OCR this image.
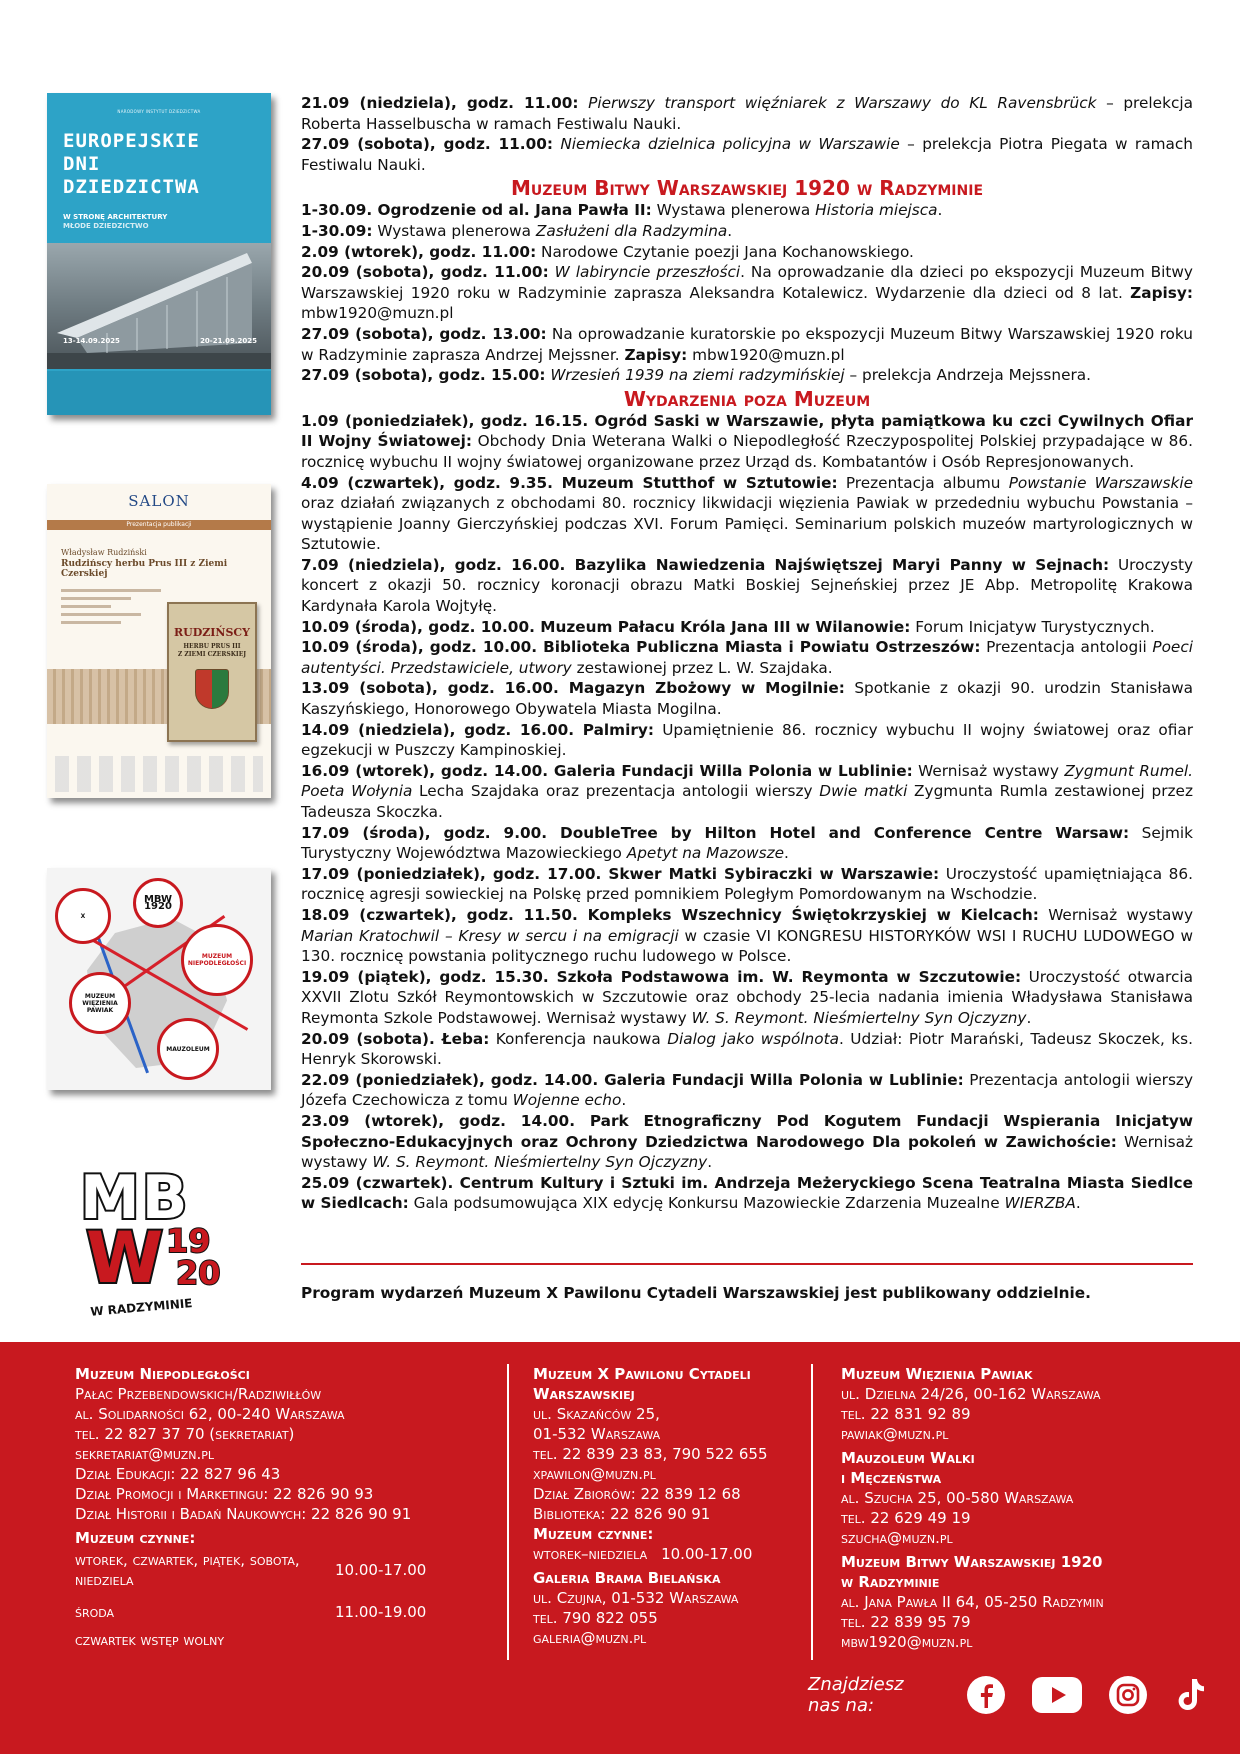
NARODOWY INSTYTUT DZIEDZICTWA
EUROPEJSKIE
DNI
DZIEDZICTWA
W STRONĘ ARCHITEKTURY
MŁODE DZIEDZICTWO
13-14.09.2025	20-21.09.2025
SALON
Prezentacja publikacji
Władysław Rudziński
Rudzińscy herbu Prus III z Ziemi Czerskiej
RUDZIŃSCY
HERBU PRUS III
Z ZIEMI CZERSKIEJ
X
MBW 1920
MUZEUM NIEPODLEGŁOŚCI
MUZEUM WIĘZIENIA PAWIAK
MAUZOLEUM
MB
W 19
20
W RADZYMINIE

21.09 (niedziela), godz. 11.00: Pierwszy transport więźniarek z Warszawy do KL Ravensbrück – prelekcja Roberta Hasselbuscha w ramach Festiwalu Nauki.

27.09 (sobota), godz. 11.00: Niemiecka dzielnica policyjna w Warszawie – prelekcja Piotra Piegata w ramach Festiwalu Nauki.

Muzeum Bitwy Warszawskiej 1920 w Radzyminie

1-30.09. Ogrodzenie od al. Jana Pawła II: Wystawa plenerowa Historia miejsca.

1-30.09: Wystawa plenerowa Zasłużeni dla Radzymina.

2.09 (wtorek), godz. 11.00: Narodowe Czytanie poezji Jana Kochanowskiego.

20.09 (sobota), godz. 11.00: W labiryncie przeszłości. Na oprowadzanie dla dzieci po ekspozycji Muzeum Bitwy Warszawskiej 1920 roku w Radzyminie zaprasza Aleksandra Kotalewicz. Wydarzenie dla dzieci od 8 lat. Zapisy: mbw1920@muzn.pl

27.09 (sobota), godz. 13.00: Na oprowadzanie kuratorskie po ekspozycji Muzeum Bitwy Warszawskiej 1920 roku w Radzyminie zaprasza Andrzej Mejssner. Zapisy: mbw1920@muzn.pl

27.09 (sobota), godz. 15.00: Wrzesień 1939 na ziemi radzymińskiej – prelekcja Andrzeja Mejssnera.

Wydarzenia poza Muzeum

1.09 (poniedziałek), godz. 16.15. Ogród Saski w Warszawie, płyta pamiątkowa ku czci Cywilnych Ofiar II Wojny Światowej: Obchody Dnia Weterana Walki o Niepodległość Rzeczypospolitej Polskiej przypadające w 86. rocznicę wybuchu II wojny światowej organizowane przez Urząd ds. Kombatantów i Osób Represjonowanych.

4.09 (czwartek), godz. 9.35. Muzeum Stutthof w Sztutowie: Prezentacja albumu Powstanie Warszawskie oraz działań związanych z obchodami 80. rocznicy likwidacji więzienia Pawiak w przededniu wybuchu Powstania – wystąpienie Joanny Gierczyńskiej podczas XVI. Forum Pamięci. Seminarium polskich muzeów martyrologicznych w Sztutowie.

7.09 (niedziela), godz. 16.00. Bazylika Nawiedzenia Najświętszej Maryi Panny w Sejnach: Uroczysty koncert z okazji 50. rocznicy koronacji obrazu Matki Boskiej Sejneńskiej przez JE Abp. Metropolitę Krakowa Kardynała Karola Wojtyłę.

10.09 (środa), godz. 10.00. Muzeum Pałacu Króla Jana III w Wilanowie: Forum Inicjatyw Turystycznych.

10.09 (środa), godz. 10.00. Biblioteka Publiczna Miasta i Powiatu Ostrzeszów: Prezentacja antologii Poeci autentyści. Przedstawiciele, utwory zestawionej przez L. W. Szajdaka.

13.09 (sobota), godz. 16.00. Magazyn Zbożowy w Mogilnie: Spotkanie z okazji 90. urodzin Stanisława Kaszyńskiego, Honorowego Obywatela Miasta Mogilna.

14.09 (niedziela), godz. 16.00. Palmiry: Upamiętnienie 86. rocznicy wybuchu II wojny światowej oraz ofiar egzekucji w Puszczy Kampinoskiej.

16.09 (wtorek), godz. 14.00. Galeria Fundacji Willa Polonia w Lublinie: Wernisaż wystawy Zygmunt Rumel. Poeta Wołynia Lecha Szajdaka oraz prezentacja antologii wierszy Dwie matki Zygmunta Rumla zestawionej przez Tadeusza Skoczka.

17.09 (środa), godz. 9.00. DoubleTree by Hilton Hotel and Conference Centre Warsaw: Sejmik Turystyczny Województwa Mazowieckiego Apetyt na Mazowsze.

17.09 (poniedziałek), godz. 17.00. Skwer Matki Sybiraczki w Warszawie: Uroczystość upamiętniająca 86. rocznicę agresji sowieckiej na Polskę przed pomnikiem Poległym Pomordowanym na Wschodzie.

18.09 (czwartek), godz. 11.50. Kompleks Wszechnicy Świętokrzyskiej w Kielcach: Wernisaż wystawy Marian Kratochwil – Kresy w sercu i na emigracji w czasie VI KONGRESU HISTORYKÓW WSI I RUCHU LUDOWEGO w 130. rocznicę powstania politycznego ruchu ludowego w Polsce.

19.09 (piątek), godz. 15.30. Szkoła Podstawowa im. W. Reymonta w Szczutowie: Uroczystość otwarcia XXVII Zlotu Szkół Reymontowskich w Szczutowie oraz obchody 25-lecia nadania imienia Władysława Stanisława Reymonta Szkole Podstawowej. Wernisaż wystawy W. S. Reymont. Nieśmiertelny Syn Ojczyzny.

20.09 (sobota). Łeba: Konferencja naukowa Dialog jako wspólnota. Udział: Piotr Marański, Tadeusz Skoczek, ks. Henryk Skorowski.

22.09 (poniedziałek), godz. 14.00. Galeria Fundacji Willa Polonia w Lublinie: Prezentacja antologii wierszy Józefa Czechowicza z tomu Wojenne echo.

23.09 (wtorek), godz. 14.00. Park Etnograficzny Pod Kogutem Fundacji Wspierania Inicjatyw Społeczno-Edukacyjnych oraz Ochrony Dziedzictwa Narodowego Dla pokoleń w Zawichoście: Wernisaż wystawy W. S. Reymont. Nieśmiertelny Syn Ojczyzny.

25.09 (czwartek). Centrum Kultury i Sztuki im. Andrzeja Meżeryckiego Scena Teatralna Miasta Siedlce w Siedlcach: Gala podsumowująca XIX edycję Konkursu Mazowieckie Zdarzenia Muzealne WIERZBA.

Program wydarzeń Muzeum X Pawilonu Cytadeli Warszawskiej jest publikowany oddzielnie.
Muzeum Niepodległości
Pałac Przebendowskich/Radziwiłłów
al. Solidarności 62, 00-240 Warszawa
tel. 22 827 37 70 (sekretariat)
sekretariat@muzn.pl
Dział Edukacji: 22 827 96 43
Dział Promocji i Marketingu: 22 826 90 93
Dział Historii i Badań Naukowych: 22 826 90 91
Muzeum czynne:
wtorek, czwartek, piątek, sobota, niedziela
10.00-17.00
środa	11.00-19.00
czwartek wstęp wolny
Muzeum X Pawilonu Cytadeli Warszawskiej
ul. Skazańców 25,
01-532 Warszawa
tel. 22 839 23 83, 790 522 655
xpawilon@muzn.pl
Dział Zbiorów: 22 839 12 68
Biblioteka: 22 826 90 91
Muzeum czynne:
wtorek–niedziela 10.00-17.00
Galeria Brama Bielańska
ul. Czujna, 01-532 Warszawa
tel. 790 822 055
galeria@muzn.pl
Muzeum Więzienia Pawiak
ul. Dzielna 24/26, 00-162 Warszawa
tel. 22 831 92 89
pawiak@muzn.pl
Mauzoleum Walki
i Męczeństwa
al. Szucha 25, 00-580 Warszawa
tel. 22 629 49 19
szucha@muzn.pl
Muzeum Bitwy Warszawskiej 1920
w Radzyminie
al. Jana Pawła II 64, 05-250 Radzymin
tel. 22 839 95 79
mbw1920@muzn.pl
Znajdziesz nas na:
